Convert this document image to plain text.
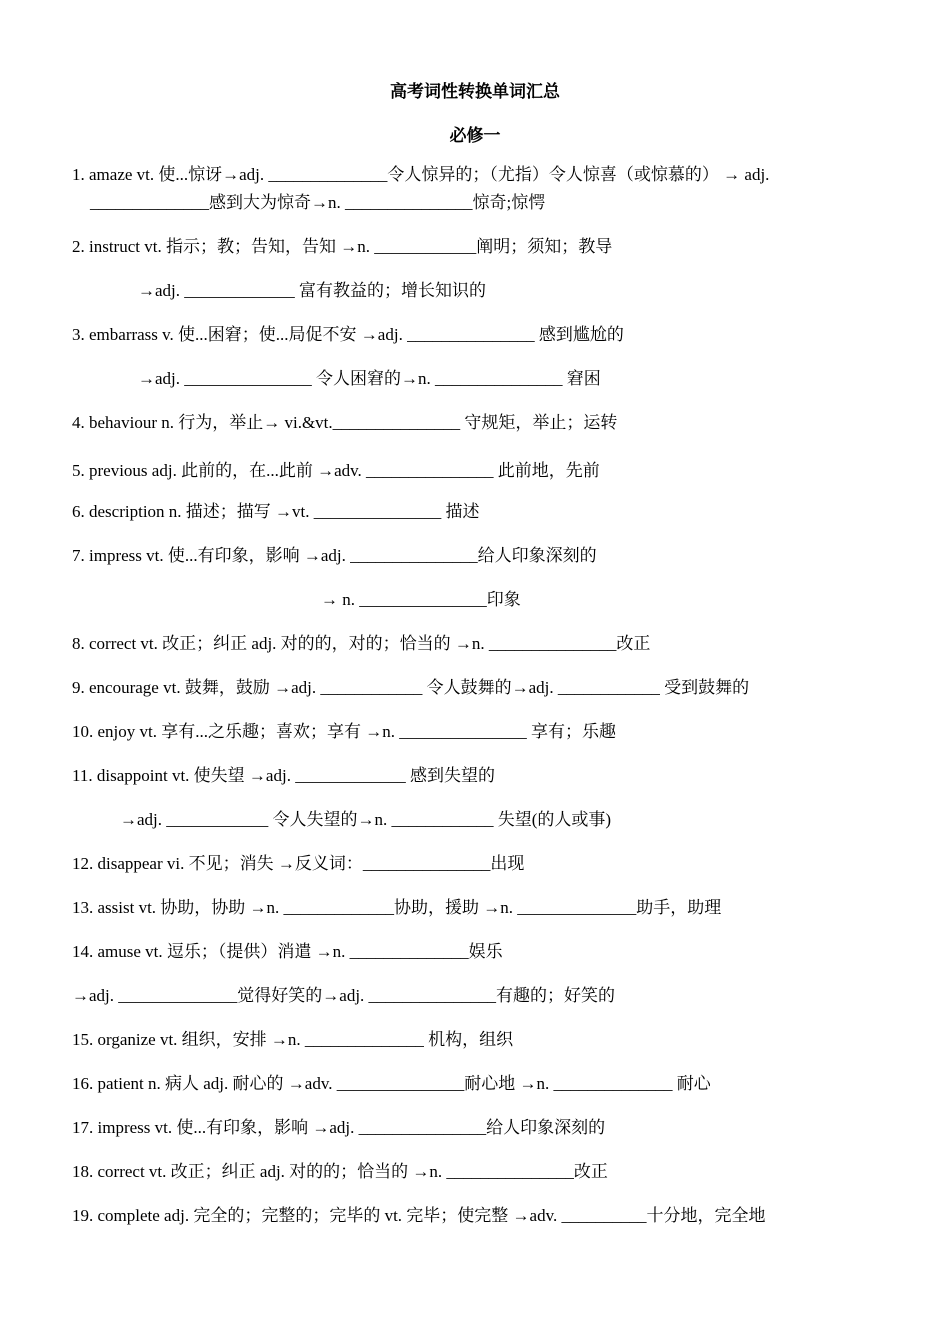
高考词性转换单词汇总
必修一
1. amaze vt. 使...惊讶→adj. ______________令人惊异的；（尤指）令人惊喜（或惊慕的） → adj.
______________感到大为惊奇→n. _______________惊奇;惊愕
2. instruct vt. 指示；教；告知，告知 →n. ____________阐明；须知；教导
→adj. _____________ 富有教益的；增长知识的
3. embarrass v. 使...困窘；使...局促不安 →adj. _______________ 感到尴尬的
→adj. _______________ 令人困窘的→n. _______________ 窘困
4. behaviour n. 行为，举止→ vi.&vt._______________ 守规矩，举止；运转
5. previous adj. 此前的，在...此前 →adv. _______________ 此前地，先前
6. description n. 描述；描写 →vt. _______________ 描述
7. impress vt. 使...有印象，影响 →adj. _______________给人印象深刻的
→ n. _______________印象
8. correct vt. 改正；纠正 adj. 对的的，对的；恰当的 →n. _______________改正
9. encourage vt. 鼓舞，鼓励 →adj. ____________ 令人鼓舞的→adj. ____________ 受到鼓舞的
10. enjoy vt. 享有...之乐趣；喜欢；享有 →n. _______________ 享有；乐趣
11. disappoint vt. 使失望 →adj. _____________ 感到失望的
→adj. ____________ 令人失望的→n. ____________ 失望(的人或事)
12. disappear vi. 不见；消失 →反义词：_______________出现
13. assist vt. 协助，协助 →n. _____________协助，援助 →n. ______________助手，助理
14. amuse vt. 逗乐；（提供）消遣 →n. ______________娱乐
→adj. ______________觉得好笑的→adj. _______________有趣的；好笑的
15. organize vt. 组织，安排 →n. ______________ 机构，组织
16. patient n. 病人 adj. 耐心的 →adv. _______________耐心地 →n. ______________ 耐心
17. impress vt. 使...有印象，影响 →adj. _______________给人印象深刻的
18. correct vt. 改正；纠正 adj. 对的的；恰当的 →n. _______________改正
19. complete adj. 完全的；完整的；完毕的 vt. 完毕；使完整 →adv. __________十分地，完全地
